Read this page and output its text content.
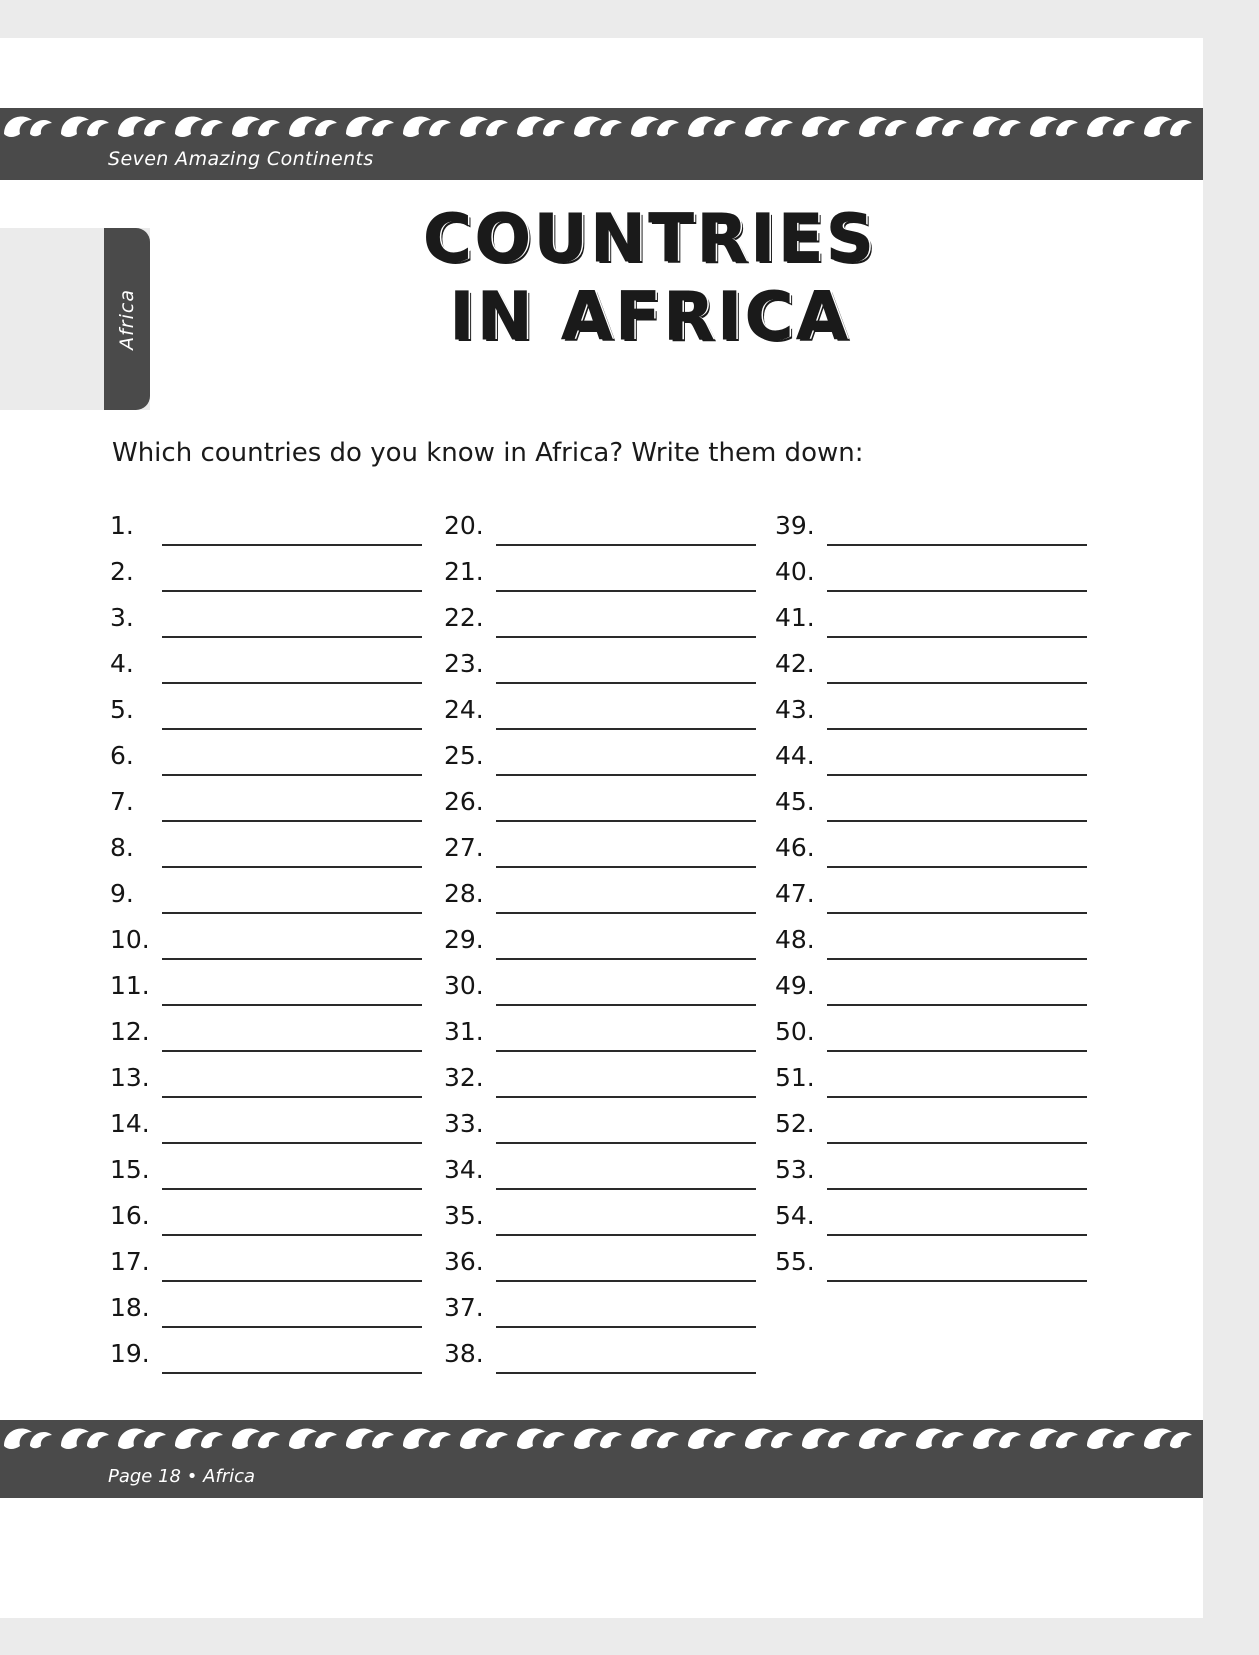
Seven Amazing Continents
Africa
COUNTRIES
IN AFRICA
Which countries do you know in Africa? Write them down:
1.
2.
3.
4.
5.
6.
7.
8.
9.
10.
11.
12.
13.
14.
15.
16.
17.
18.
19.
20.
21.
22.
23.
24.
25.
26.
27.
28.
29.
30.
31.
32.
33.
34.
35.
36.
37.
38.
39.
40.
41.
42.
43.
44.
45.
46.
47.
48.
49.
50.
51.
52.
53.
54.
55.
Page 18 • Africa
